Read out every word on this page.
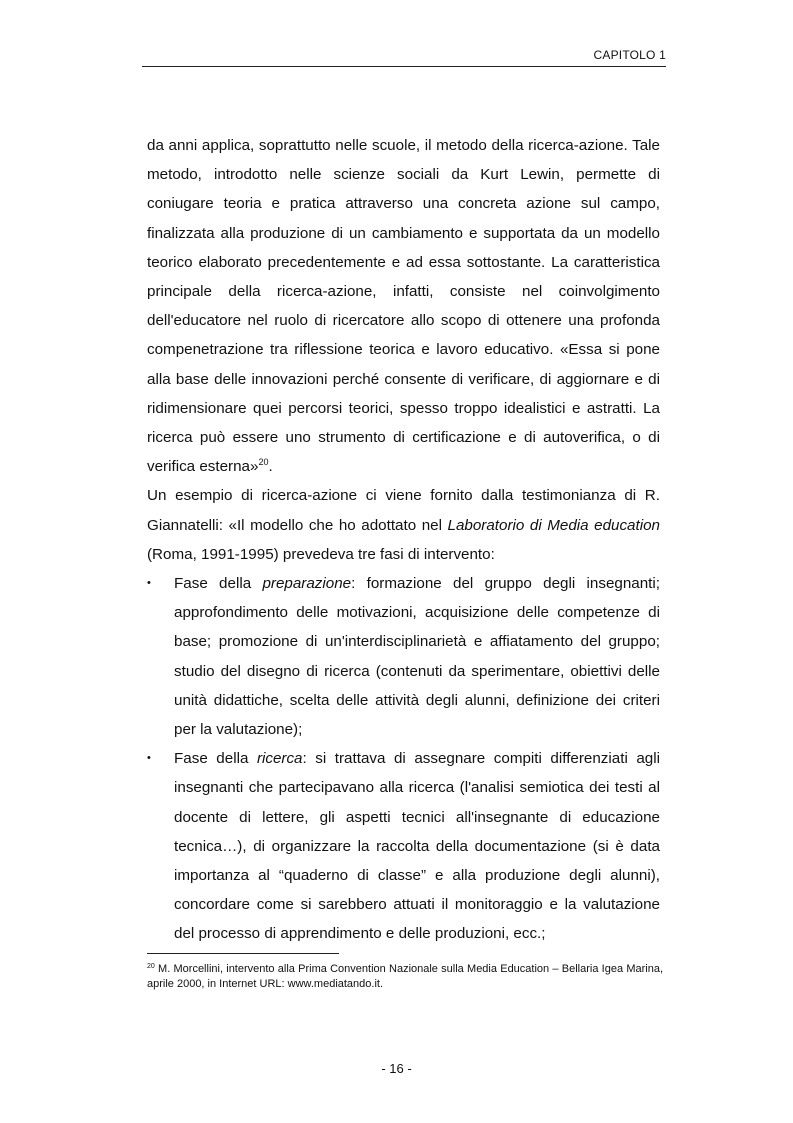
CAPITOLO 1

da anni applica, soprattutto nelle scuole, il metodo della ricerca-azione. Tale metodo, introdotto nelle scienze sociali da Kurt Lewin, permette di coniugare teoria e pratica attraverso una concreta azione sul campo, finalizzata alla produzione di un cambiamento e supportata da un modello teorico elaborato precedentemente e ad essa sottostante. La caratteristica principale della ricerca-azione, infatti, consiste nel coinvolgimento dell'educatore nel ruolo di ricercatore allo scopo di ottenere una profonda compenetrazione tra riflessione teorica e lavoro educativo. «Essa si pone alla base delle innovazioni perché consente di verificare, di aggiornare e di ridimensionare quei percorsi teorici, spesso troppo idealistici e astratti. La ricerca può essere uno strumento di certificazione e di autoverifica, o di verifica esterna»$^{20}$.

Un esempio di ricerca-azione ci viene fornito dalla testimonianza di R. Giannatelli: «Il modello che ho adottato nel Laboratorio di Media education (Roma, 1991-1995) prevedeva tre fasi di intervento:

• Fase della preparazione: formazione del gruppo degli insegnanti; approfondimento delle motivazioni, acquisizione delle competenze di base; promozione di un'interdisciplinarietà e affiatamento del gruppo; studio del disegno di ricerca (contenuti da sperimentare, obiettivi delle unità didattiche, scelta delle attività degli alunni, definizione dei criteri per la valutazione);
• Fase della ricerca: si trattava di assegnare compiti differenziati agli insegnanti che partecipavano alla ricerca (l'analisi semiotica dei testi al docente di lettere, gli aspetti tecnici all'insegnante di educazione tecnica…), di organizzare la raccolta della documentazione (si è data importanza al “quaderno di classe” e alla produzione degli alunni), concordare come si sarebbero attuati il monitoraggio e la valutazione del processo di apprendimento e delle produzioni, ecc.;
$^{20}$ M. Morcellini, intervento alla Prima Convention Nazionale sulla Media Education – Bellaria Igea Marina, aprile 2000, in Internet URL: www.mediatando.it.
- 16 -
